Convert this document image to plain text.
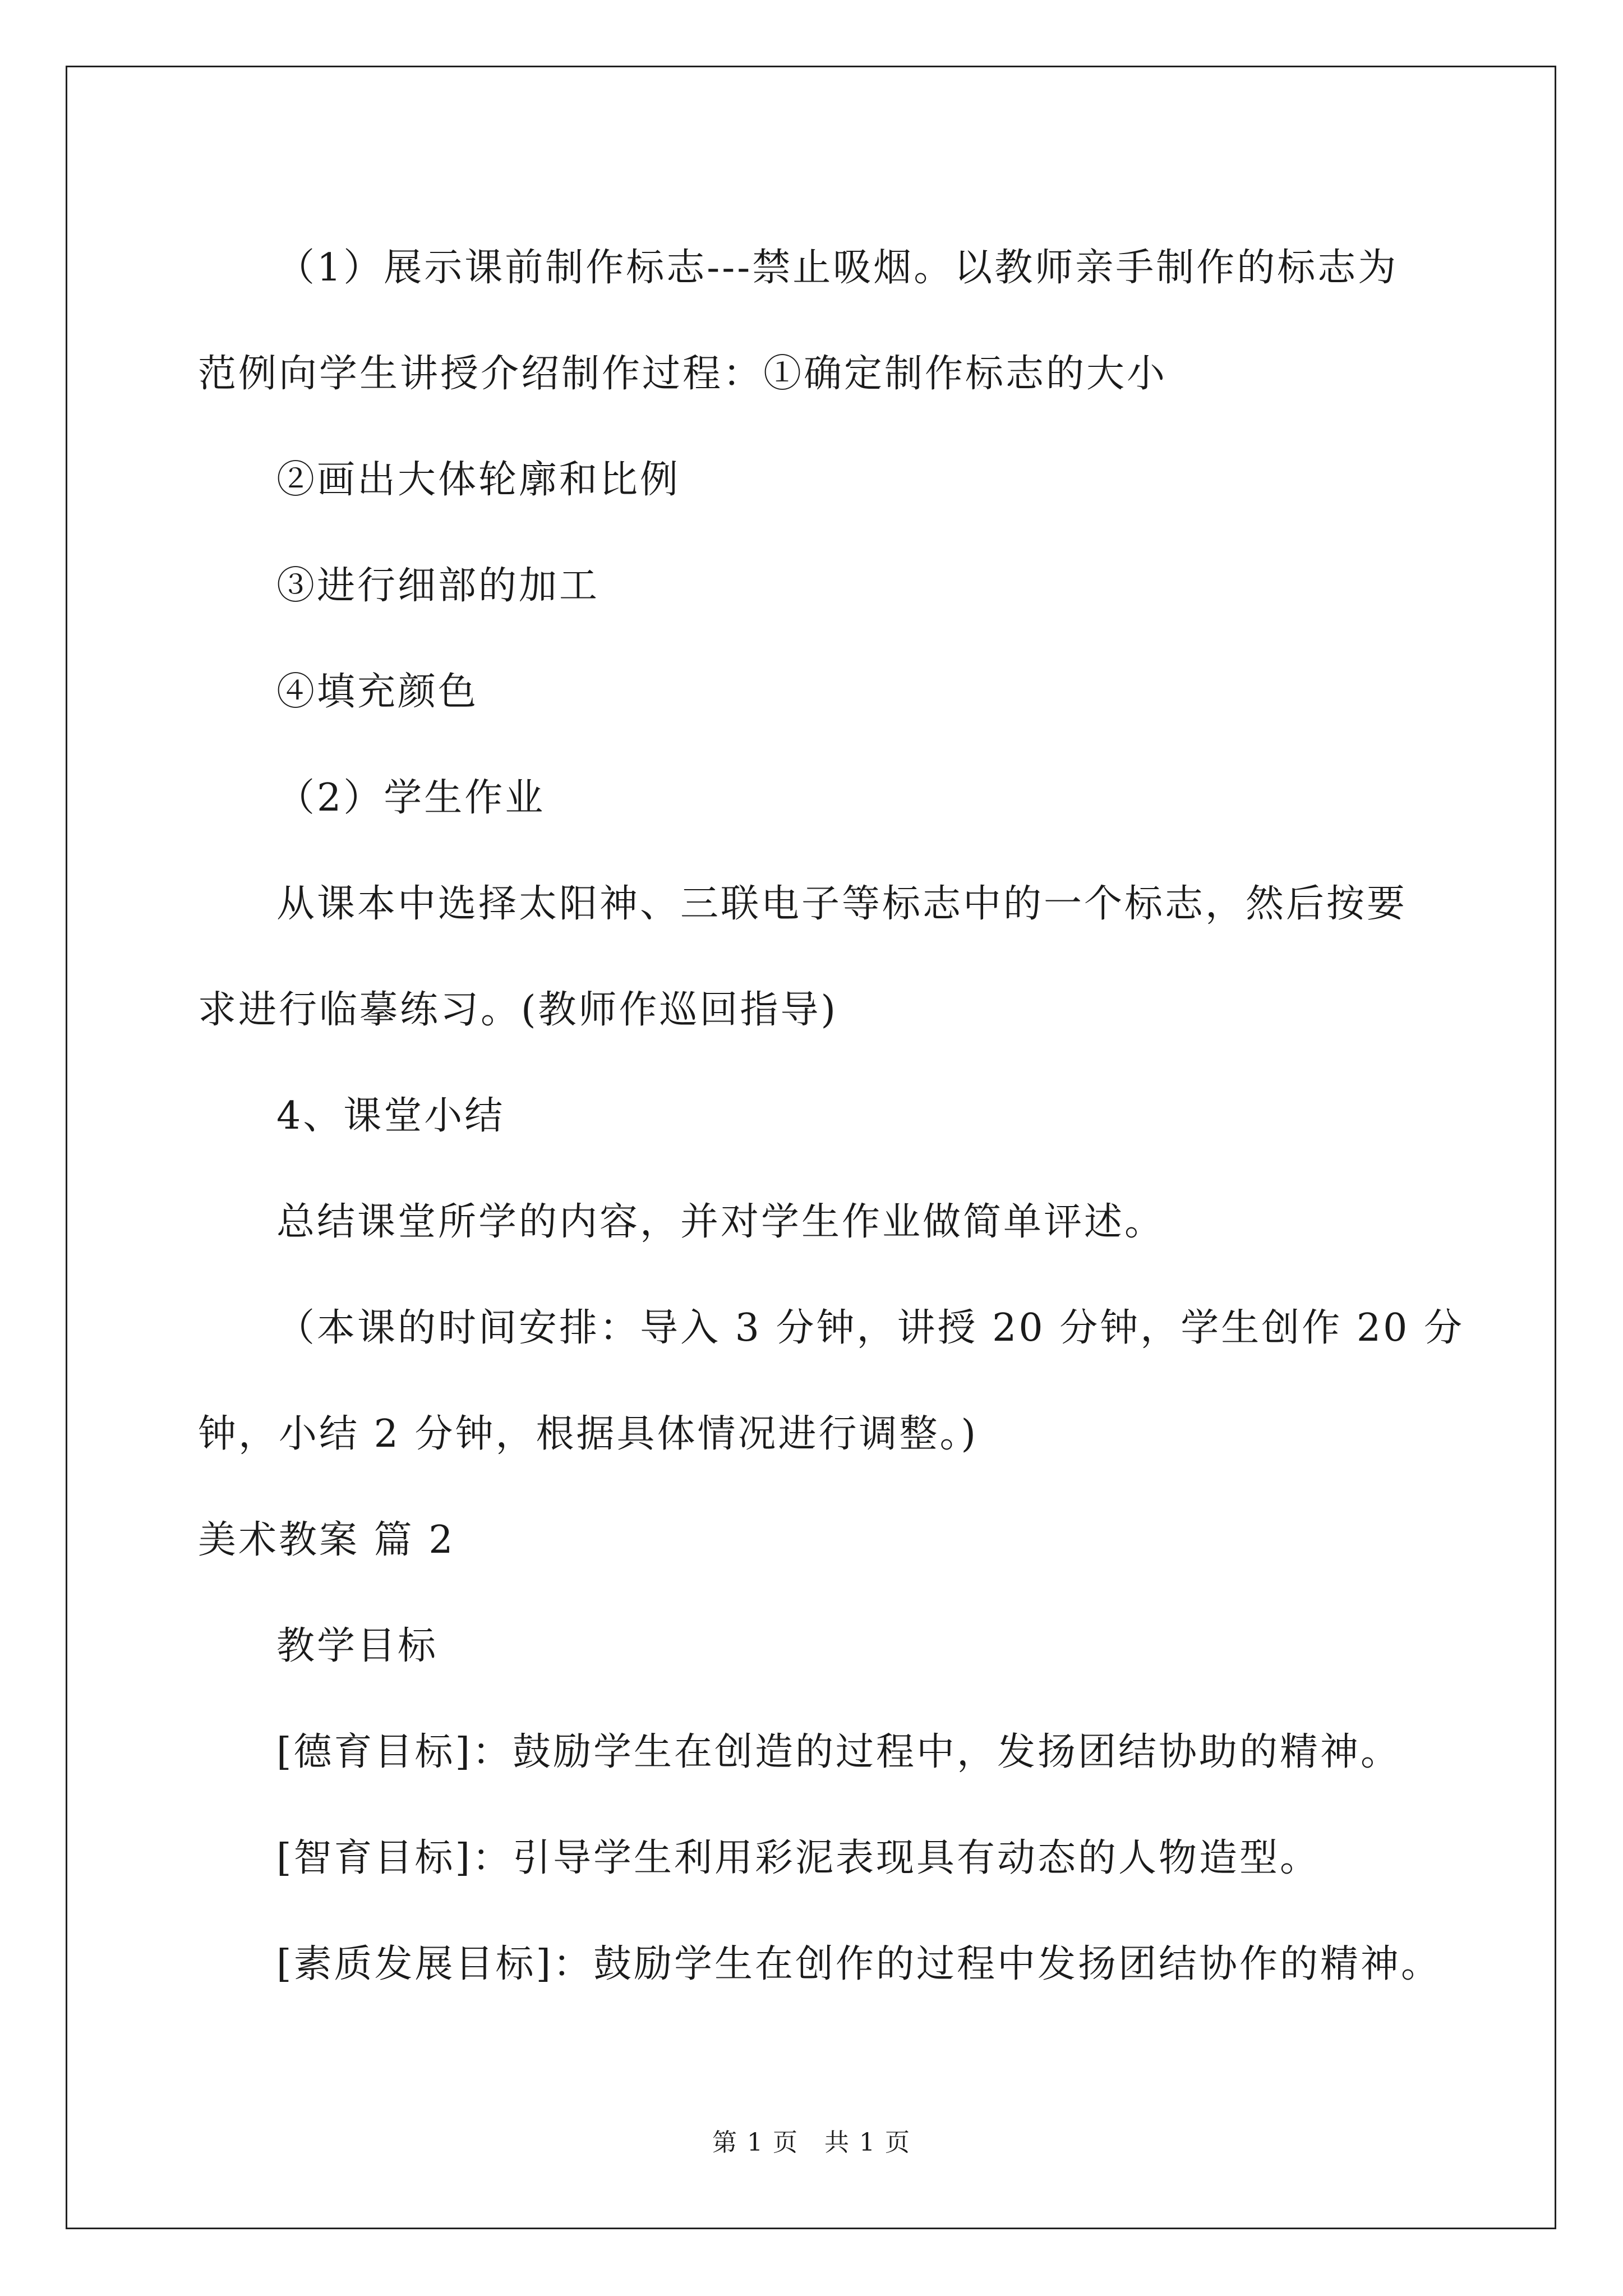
（1）展示课前制作标志---禁止吸烟。以教师亲手制作的标志为

范例向学生讲授介绍制作过程：①确定制作标志的大小

②画出大体轮廓和比例

③进行细部的加工

④填充颜色

（2）学生作业

从课本中选择太阳神、三联电子等标志中的一个标志，然后按要

求进行临摹练习。(教师作巡回指导)

4、课堂小结

总结课堂所学的内容，并对学生作业做简单评述。

（本课的时间安排：导入 3 分钟，讲授 20 分钟，学生创作 20 分

钟，小结 2 分钟，根据具体情况进行调整。)

美术教案 篇 2

教学目标

[德育目标]：鼓励学生在创造的过程中，发扬团结协助的精神。

[智育目标]：引导学生利用彩泥表现具有动态的人物造型。

[素质发展目标]：鼓励学生在创作的过程中发扬团结协作的精神。

第 1 页　共 1 页
